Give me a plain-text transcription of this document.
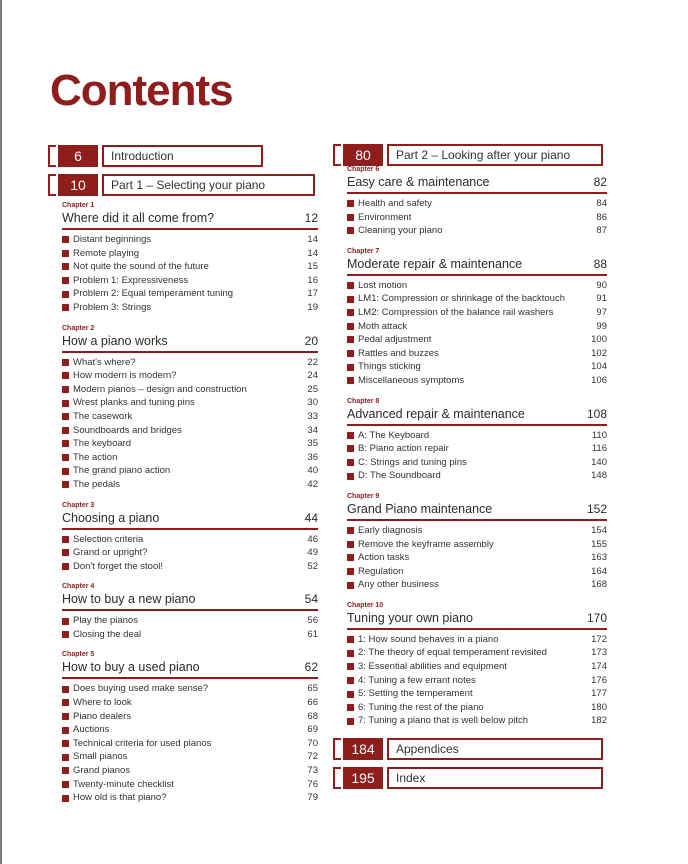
Contents
6	Introduction
10	Part 1 – Selecting your piano
Chapter 1
Where did it all come from?	12
Distant beginnings	14
Remote playing	14
Not quite the sound of the future	15
Problem 1: Expressiveness	16
Problem 2: Equal temperament tuning	17
Problem 3: Strings	19
Chapter 2
How a piano works	20
What's where?	22
How modern is modern?	24
Modern pianos – design and construction	25
Wrest planks and tuning pins	30
The casework	33
Soundboards and bridges	34
The keyboard	35
The action	36
The grand piano action	40
The pedals	42
Chapter 3
Choosing a piano	44
Selection criteria	46
Grand or upright?	49
Don't forget the stool!	52
Chapter 4
How to buy a new piano	54
Play the pianos	56
Closing the deal	61
Chapter 5
How to buy a used piano	62
Does buying used make sense?	65
Where to look	66
Piano dealers	68
Auctions	69
Technical criteria for used pianos	70
Small pianos	72
Grand pianos	73
Twenty-minute checklist	76
How old is that piano?	79
80	Part 2 – Looking after your piano
Chapter 6
Easy care & maintenance	82
Health and safety	84
Environment	86
Cleaning your piano	87
Chapter 7
Moderate repair & maintenance	88
Lost motion	90
LM1: Compression or shrinkage of the backtouch	91
LM2: Compression of the balance rail washers	97
Moth attack	99
Pedal adjustment	100
Rattles and buzzes	102
Things sticking	104
Miscellaneous symptoms	106
Chapter 8
Advanced repair & maintenance	108
A: The Keyboard	110
B: Piano action repair	116
C: Strings and tuning pins	140
D: The Soundboard	148
Chapter 9
Grand Piano maintenance	152
Early diagnosis	154
Remove the keyframe assembly	155
Action tasks	163
Regulation	164
Any other business	168
Chapter 10
Tuning your own piano	170
1: How sound behaves in a piano	172
2: The theory of equal temperament revisited	173
3: Essential abilities and equipment	174
4: Tuning a few errant notes	176
5: Setting the temperament	177
6: Tuning the rest of the piano	180
7: Tuning a piano that is well below pitch	182
184	Appendices
195	Index
